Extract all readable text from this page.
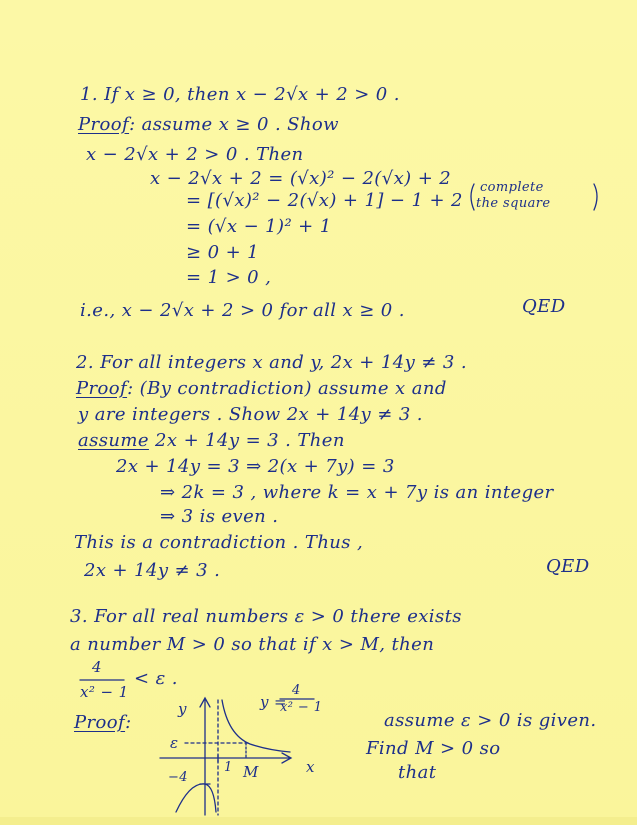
1. If x ≥ 0, then x − 2√x + 2 > 0 .
Proof: assume x ≥ 0 . Show
x − 2√x + 2 > 0 . Then
x − 2√x + 2 = (√x)² − 2(√x) + 2
= [(√x)² − 2(√x) + 1] − 1 + 2
complete
the square
= (√x − 1)² + 1
≥ 0 + 1
= 1 > 0 ,
i.e., x − 2√x + 2 > 0 for all x ≥ 0 .	QED
2. For all integers x and y, 2x + 14y ≠ 3 .
Proof: (By contradiction) assume x and
y are integers . Show 2x + 14y ≠ 3 .
assume 2x + 14y = 3 . Then
2x + 14y = 3 ⇒ 2(x + 7y) = 3
⇒ 2k = 3 , where k = x + 7y is an integer
⇒ 3 is even .
This is a contradiction . Thus ,
2x + 14y ≠ 3 .	QED
3. For all real numbers ε > 0 there exists
a number M > 0 so that if x > M, then
4
x² − 1
< ε .
Proof:
y =
4
x² − 1
y
x
ε
1 M
−4
assume ε > 0 is given.
Find M > 0 so
that
